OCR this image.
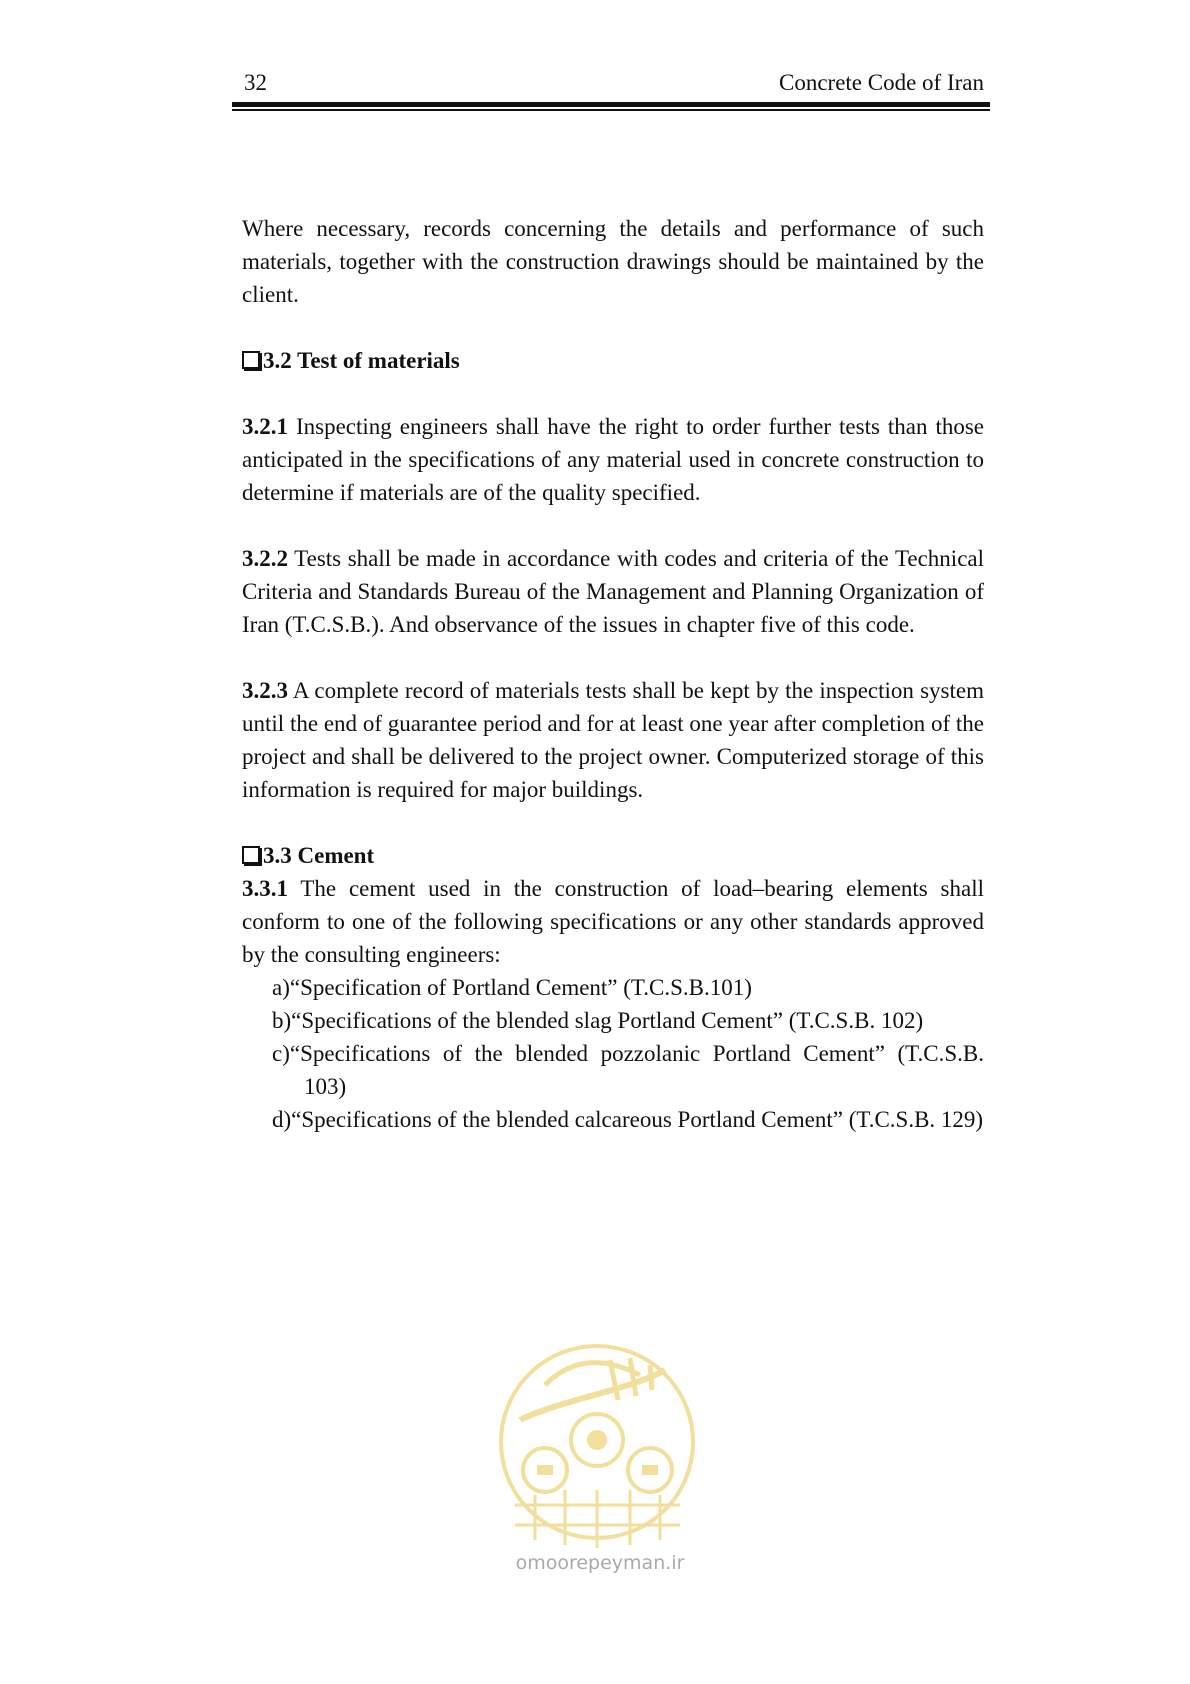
32	Concrete Code of Iran

Where necessary, records concerning the details and performance of such materials, together with the construction drawings should be maintained by the client.

3.2 Test of materials

3.2.1 Inspecting engineers shall have the right to order further tests than those anticipated in the specifications of any material used in concrete construction to determine if materials are of the quality specified.

3.2.2 Tests shall be made in accordance with codes and criteria of the Technical Criteria and Standards Bureau of the Management and Planning Organization of Iran (T.C.S.B.). And observance of the issues in chapter five of this code.

3.2.3 A complete record of materials tests shall be kept by the inspection system until the end of guarantee period and for at least one year after completion of the project and shall be delivered to the project owner. Computerized storage of this information is required for major buildings.

3.3 Cement

3.3.1 The cement used in the construction of load–bearing elements shall conform to one of the following specifications or any other standards approved by the consulting engineers:

a)“Specification of Portland Cement” (T.C.S.B.101)
b)“Specifications of the blended slag Portland Cement” (T.C.S.B. 102)
c)“Specifications of the blended pozzolanic Portland Cement” (T.C.S.B. 103)
d)“Specifications of the blended calcareous Portland Cement” (T.C.S.B. 129)
omoorepeyman.ir
